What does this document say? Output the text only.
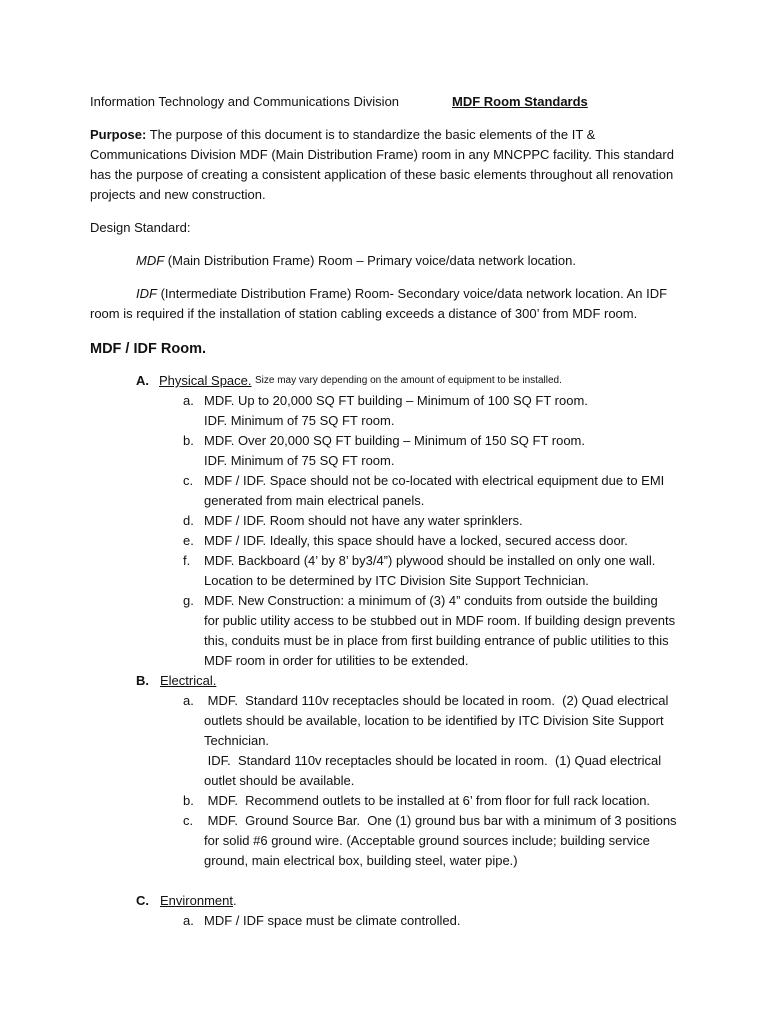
Information Technology and Communications Division	MDF Room Standards
Purpose: The purpose of this document is to standardize the basic elements of the IT &
Communications Division MDF (Main Distribution Frame) room in any MNCPPC facility. This standard
has the purpose of creating a consistent application of these basic elements throughout all renovation
projects and new construction.
Design Standard:
MDF (Main Distribution Frame) Room – Primary voice/data network location.
IDF (Intermediate Distribution Frame) Room- Secondary voice/data network location. An IDF
room is required if the installation of station cabling exceeds a distance of 300’ from MDF room.
MDF / IDF Room.
A. Physical Space. Size may vary depending on the amount of equipment to be installed.
a. MDF. Up to 20,000 SQ FT building – Minimum of 100 SQ FT room.
IDF. Minimum of 75 SQ FT room.
b. MDF. Over 20,000 SQ FT building – Minimum of 150 SQ FT room.
IDF. Minimum of 75 SQ FT room.
c. MDF / IDF. Space should not be co-located with electrical equipment due to EMI
generated from main electrical panels.
d. MDF / IDF. Room should not have any water sprinklers.
e. MDF / IDF. Ideally, this space should have a locked, secured access door.
f. MDF. Backboard (4’ by 8’ by3/4”) plywood should be installed on only one wall.
Location to be determined by ITC Division Site Support Technician.
g. MDF. New Construction: a minimum of (3) 4” conduits from outside the building
for public utility access to be stubbed out in MDF room. If building design prevents
this, conduits must be in place from first building entrance of public utilities to this
MDF room in order for utilities to be extended.
B. Electrical.
a. MDF.  Standard 110v receptacles should be located in room.  (2) Quad electrical
outlets should be available, location to be identified by ITC Division Site Support
Technician.
IDF.  Standard 110v receptacles should be located in room.  (1) Quad electrical
outlet should be available.
b. MDF.  Recommend outlets to be installed at 6’ from floor for full rack location.
c. MDF.  Ground Source Bar.  One (1) ground bus bar with a minimum of 3 positions
for solid #6 ground wire. (Acceptable ground sources include; building service
ground, main electrical box, building steel, water pipe.)
C. Environment.
a. MDF / IDF space must be climate controlled.
